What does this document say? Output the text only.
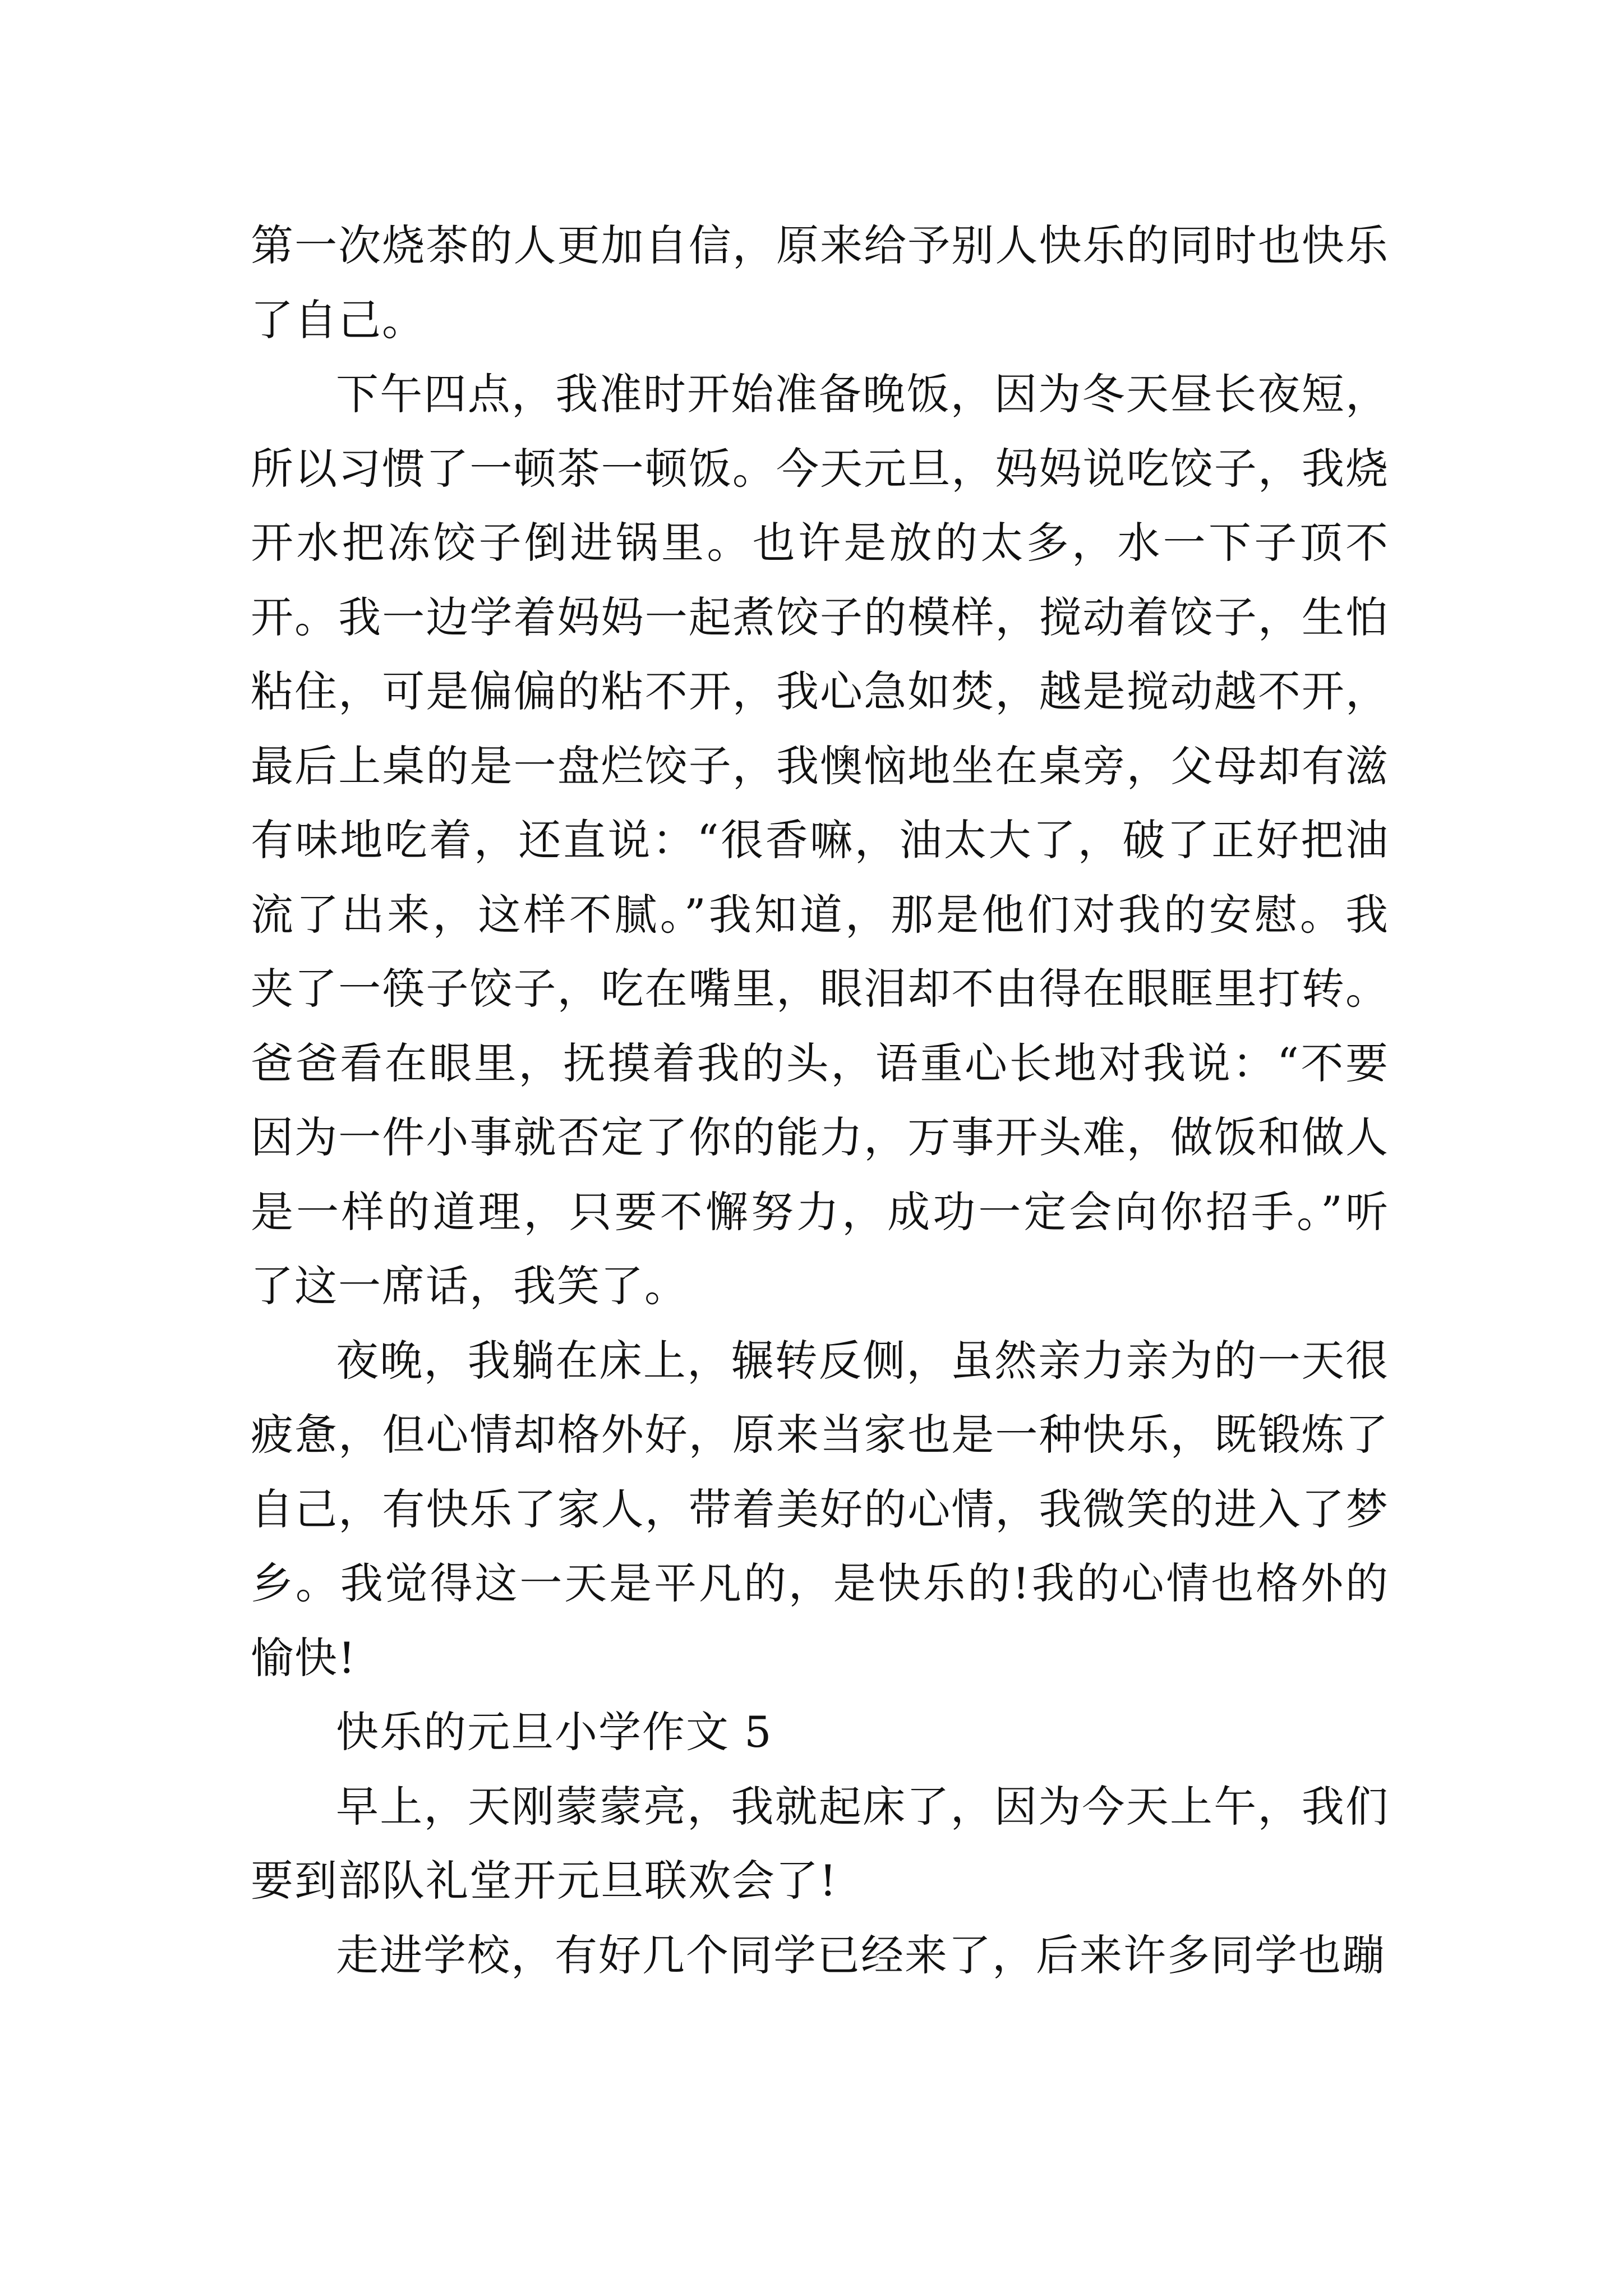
第一次烧茶的人更加自信，原来给予别人快乐的同时也快乐了自己。

下午四点，我准时开始准备晚饭，因为冬天昼长夜短，所以习惯了一顿茶一顿饭。今天元旦，妈妈说吃饺子，我烧开水把冻饺子倒进锅里。也许是放的太多，水一下子顶不开。我一边学着妈妈一起煮饺子的模样，搅动着饺子，生怕粘住，可是偏偏的粘不开，我心急如焚，越是搅动越不开，最后上桌的是一盘烂饺子，我懊恼地坐在桌旁，父母却有滋有味地吃着，还直说：“很香嘛，油太大了，破了正好把油流了出来，这样不腻。”我知道，那是他们对我的安慰。我夹了一筷子饺子，吃在嘴里，眼泪却不由得在眼眶里打转。爸爸看在眼里，抚摸着我的头，语重心长地对我说：“不要因为一件小事就否定了你的能力，万事开头难，做饭和做人是一样的道理，只要不懈努力，成功一定会向你招手。”听了这一席话，我笑了。

夜晚，我躺在床上，辗转反侧，虽然亲力亲为的一天很疲惫，但心情却格外好，原来当家也是一种快乐，既锻炼了自己，有快乐了家人，带着美好的心情，我微笑的进入了梦乡。我觉得这一天是平凡的，是快乐的!我的心情也格外的愉快!

快乐的元旦小学作文 5

早上，天刚蒙蒙亮，我就起床了，因为今天上午，我们要到部队礼堂开元旦联欢会了!

走进学校，有好几个同学已经来了，后来许多同学也蹦
